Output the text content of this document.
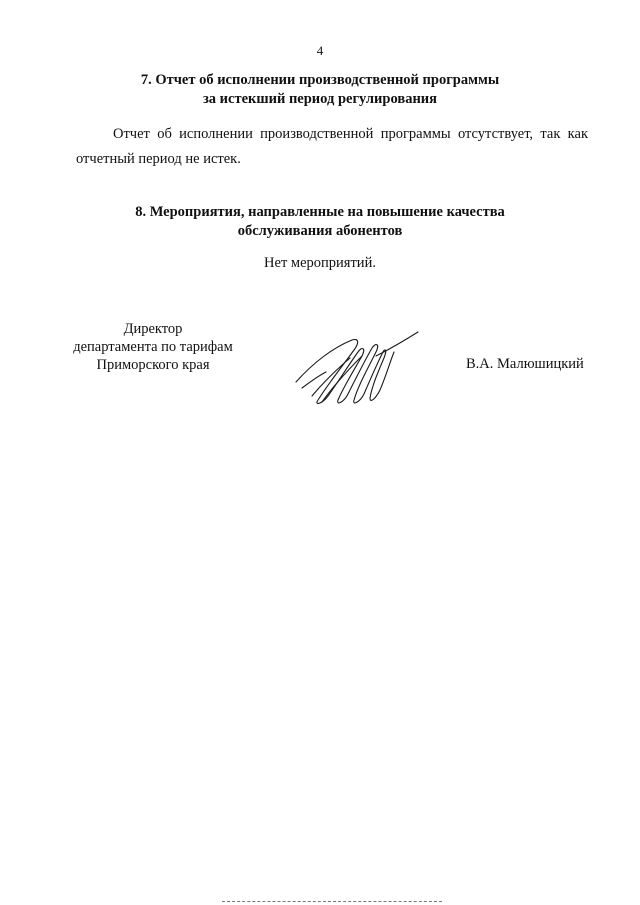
4
7. Отчет об исполнении производственной программы
за истекший период регулирования
Отчет об исполнении производственной программы отсутствует, так как
отчетный период не истек.
8. Мероприятия, направленные на повышение качества
обслуживания абонентов
Нет мероприятий.
Директор
департамента по тарифам
Приморского края	В.А. Малюшицкий
